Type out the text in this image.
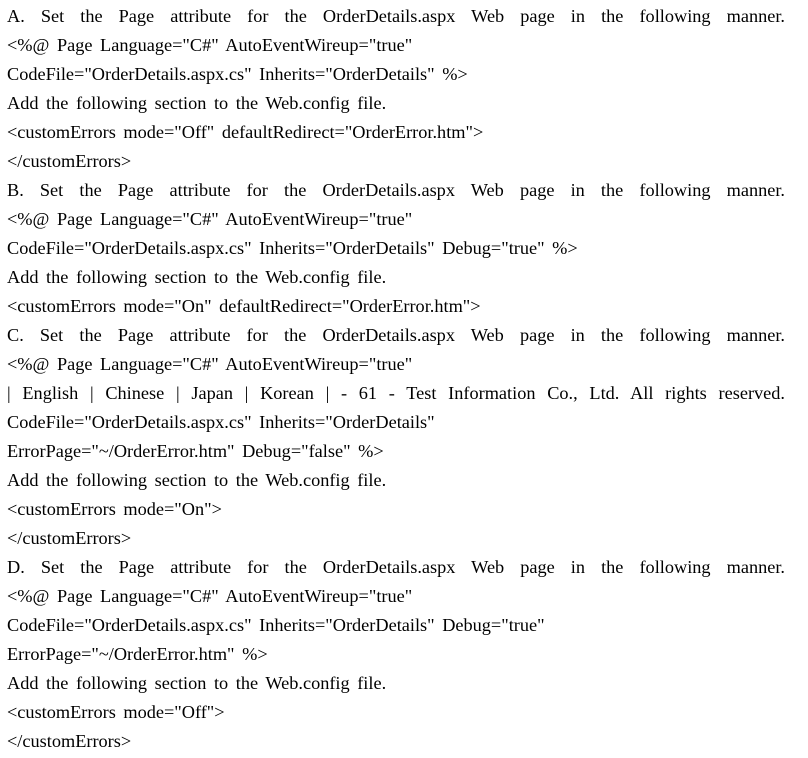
A. Set the Page attribute for the OrderDetails.aspx Web page in the following manner.
<%@ Page Language="C#" AutoEventWireup="true"
CodeFile="OrderDetails.aspx.cs" Inherits="OrderDetails" %>
Add the following section to the Web.config file.
<customErrors mode="Off" defaultRedirect="OrderError.htm">
</customErrors>
B. Set the Page attribute for the OrderDetails.aspx Web page in the following manner.
<%@ Page Language="C#" AutoEventWireup="true"
CodeFile="OrderDetails.aspx.cs" Inherits="OrderDetails" Debug="true" %>
Add the following section to the Web.config file.
<customErrors mode="On" defaultRedirect="OrderError.htm">
C. Set the Page attribute for the OrderDetails.aspx Web page in the following manner.
<%@ Page Language="C#" AutoEventWireup="true"
| English | Chinese | Japan | Korean | - 61 - Test Information Co., Ltd. All rights reserved.
CodeFile="OrderDetails.aspx.cs" Inherits="OrderDetails"
ErrorPage="~/OrderError.htm" Debug="false" %>
Add the following section to the Web.config file.
<customErrors mode="On">
</customErrors>
D. Set the Page attribute for the OrderDetails.aspx Web page in the following manner.
<%@ Page Language="C#" AutoEventWireup="true"
CodeFile="OrderDetails.aspx.cs" Inherits="OrderDetails" Debug="true"
ErrorPage="~/OrderError.htm" %>
Add the following section to the Web.config file.
<customErrors mode="Off">
</customErrors>
